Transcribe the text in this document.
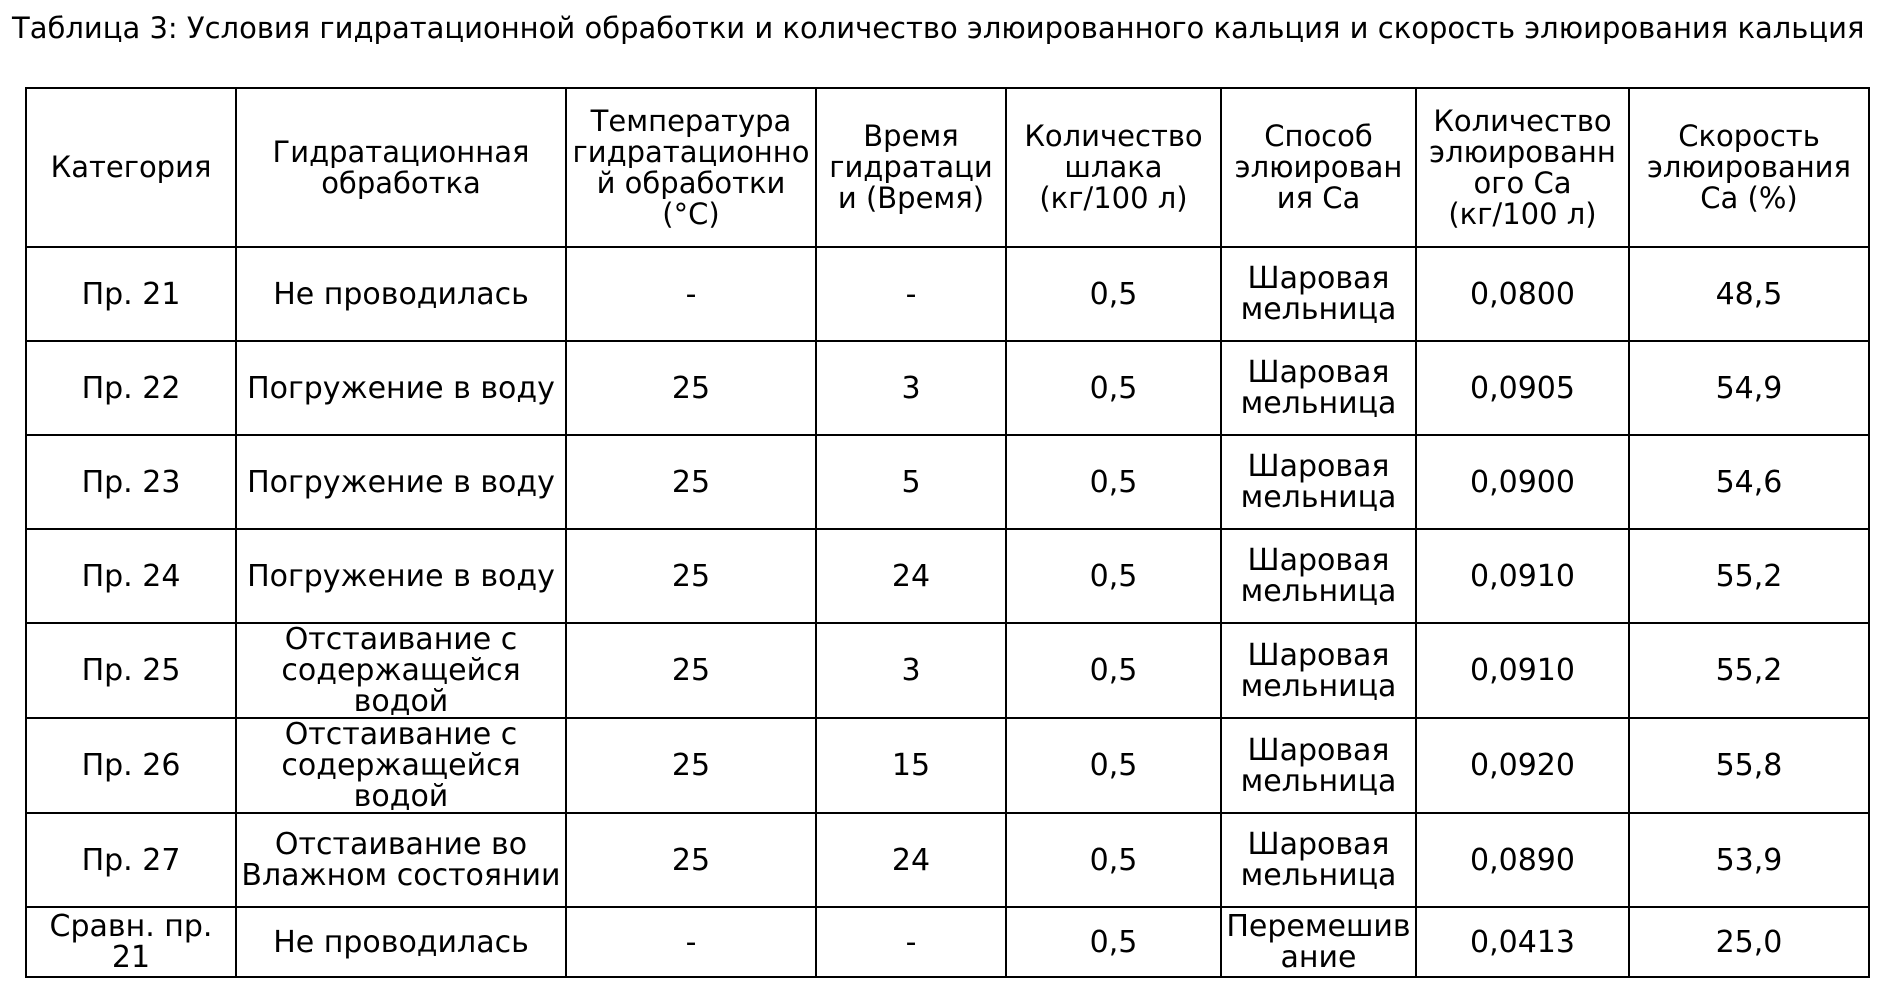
Таблица 3: Условия гидратационной обработки и количество элюированного кальция и скорость элюирования кальция

Категория	Гидратационная обработка	Температура гидратационной обработки (°C)	Время гидратации (Время)	Количество шлака (кг/100 л)	Способ элюирования Ca	Количество элюированного Ca (кг/100 л)	Скорость элюирования Ca (%)
Пр. 21	Не проводилась	-	-	0,5	Шаровая мельница	0,0800	48,5
Пр. 22	Погружение в воду	25	3	0,5	Шаровая мельница	0,0905	54,9
Пр. 23	Погружение в воду	25	5	0,5	Шаровая мельница	0,0900	54,6
Пр. 24	Погружение в воду	25	24	0,5	Шаровая мельница	0,0910	55,2
Пр. 25	Отстаивание с содержащейся водой	25	3	0,5	Шаровая мельница	0,0910	55,2
Пр. 26	Отстаивание с содержащейся водой	25	15	0,5	Шаровая мельница	0,0920	55,8
Пр. 27	Отстаивание во Влажном состоянии	25	24	0,5	Шаровая мельница	0,0890	53,9
Сравн. пр. 21	Не проводилась	-	-	0,5	Перемешивание	0,0413	25,0
